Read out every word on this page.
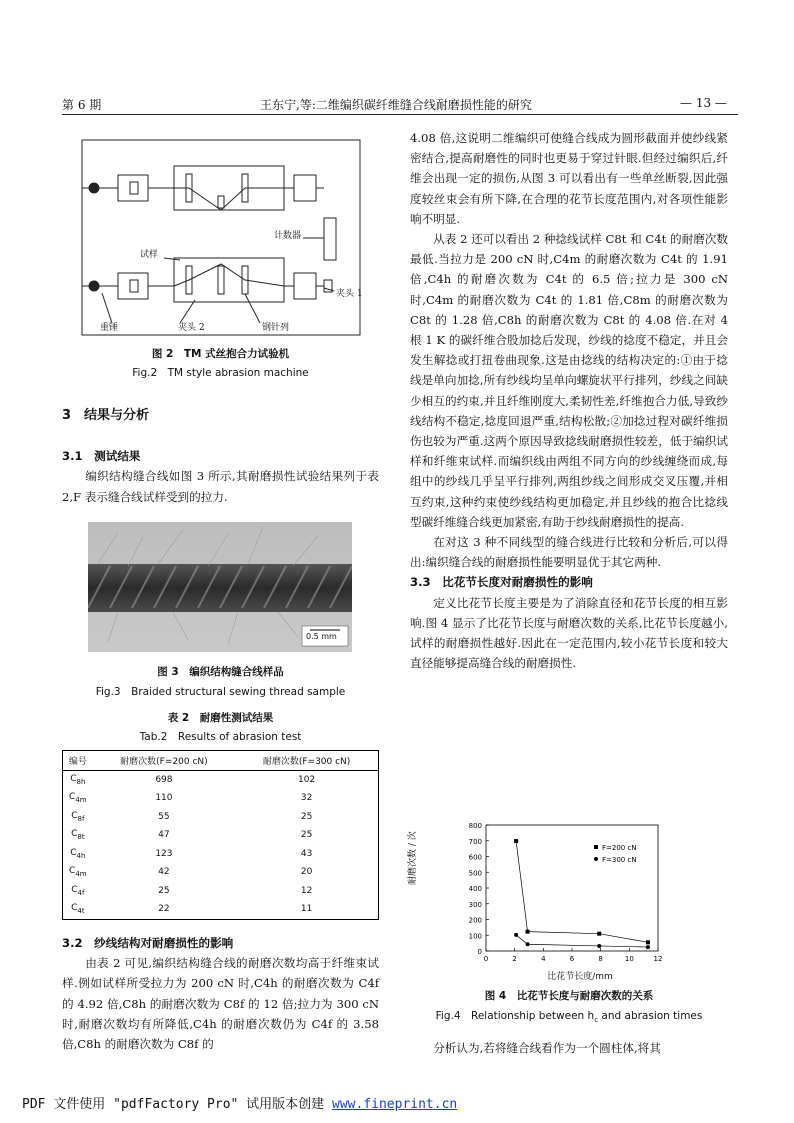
第 6 期	王东宁,等:二维编织碳纤维缝合线耐磨损性能的研究	— 13 —
计数器
试样
夹头 1
重锤	夹头 2	钢针列
图 2　TM 式丝抱合力试验机
Fig.2　TM style abrasion machine

3　结果与分析

3.1　测试结果

编织结构缝合线如图 3 所示,其耐磨损性试验结果列于表 2,F 表示缝合线试样受到的拉力.

0.5 mm
图 3　编织结构缝合线样品
Fig.3　Braided structural sewing thread sample
表 2　耐磨性测试结果
Tab.2　Results of abrasion test
编号	耐磨次数(F=200 cN)	耐磨次数(F=300 cN)
$C_{8h}$	698	102
$C_{4m}$	110	32
$C_{8f}$	55	25
$C_{8t}$	47	25
$C_{4h}$	123	43
$C_{4m}$	42	20
$C_{4f}$	25	12
$C_{4t}$	22	11

3.2　纱线结构对耐磨损性的影响

由表 2 可见,编织结构缝合线的耐磨次数均高于纤维束试样.例如试样所受拉力为 200 cN 时,C4h 的耐磨次数为 C4f 的 4.92 倍,C8h 的耐磨次数为 C8f 的 12 倍;拉力为 300 cN 时,耐磨次数均有所降低,C4h 的耐磨次数仍为 C4f 的 3.58 倍,C8h 的耐磨次数为 C8f 的

4.08 倍,这说明二维编织可使缝合线成为圆形截面并使纱线紧密结合,提高耐磨性的同时也更易于穿过针眼.但经过编织后,纤维会出现一定的损伤,从图 3 可以看出有一些单丝断裂,因此强度较丝束会有所下降,在合理的花节长度范围内,对各项性能影响不明显.

从表 2 还可以看出 2 种捻线试样 C8t 和 C4t 的耐磨次数最低.当拉力是 200 cN 时,C4m 的耐磨次数为 C4t 的 1.91 倍,C4h 的耐磨次数为 C4t 的 6.5 倍;拉力是 300 cN 时,C4m 的耐磨次数为 C4t 的 1.81 倍,C8m 的耐磨次数为 C8t 的 1.28 倍,C8h 的耐磨次数为 C8t 的 4.08 倍.在对 4 根 1 K 的碳纤维合股加捻后发现，纱线的捻度不稳定，并且会发生解捻或打扭卷曲现象.这是由捻线的结构决定的:①由于捻线是单向加捻,所有纱线均呈单向螺旋状平行排列，纱线之间缺少相互的约束,并且纤维刚度大,柔韧性差,纤维抱合力低,导致纱线结构不稳定,捻度回退严重,结构松散;②加捻过程对碳纤维损伤也较为严重.这两个原因导致捻线耐磨损性较差，低于编织试样和纤维束试样.而编织线由两组不同方向的纱线缠绕而成,每组中的纱线几乎呈平行排列,两组纱线之间形成交叉压覆,并相互约束,这种约束使纱线结构更加稳定,并且纱线的抱合比捻线型碳纤维缝合线更加紧密,有助于纱线耐磨损性的提高.

在对这 3 种不同线型的缝合线进行比较和分析后,可以得出:编织缝合线的耐磨损性能要明显优于其它两种.

3.3　比花节长度对耐磨损性的影响

定义比花节长度主要是为了消除直径和花节长度的相互影响.图 4 显示了比花节长度与耐磨次数的关系,比花节长度越小,试样的耐磨损性越好.因此在一定范围内,较小花节长度和较大直径能够提高缝合线的耐磨损性.

0
100
200
300
400
500
600
700
800
0	2	4	6	8	10	12
F=200 cN
F=300 cN
耐磨次数 / 次
比花节长度/mm
图 4　比花节长度与耐磨次数的关系
Fig.4　Relationship between $h_c$ and abrasion times

分析认为,若将缝合线看作为一个圆柱体,将其

PDF 文件使用 "pdfFactory Pro" 试用版本创建 www.fineprint.cn
